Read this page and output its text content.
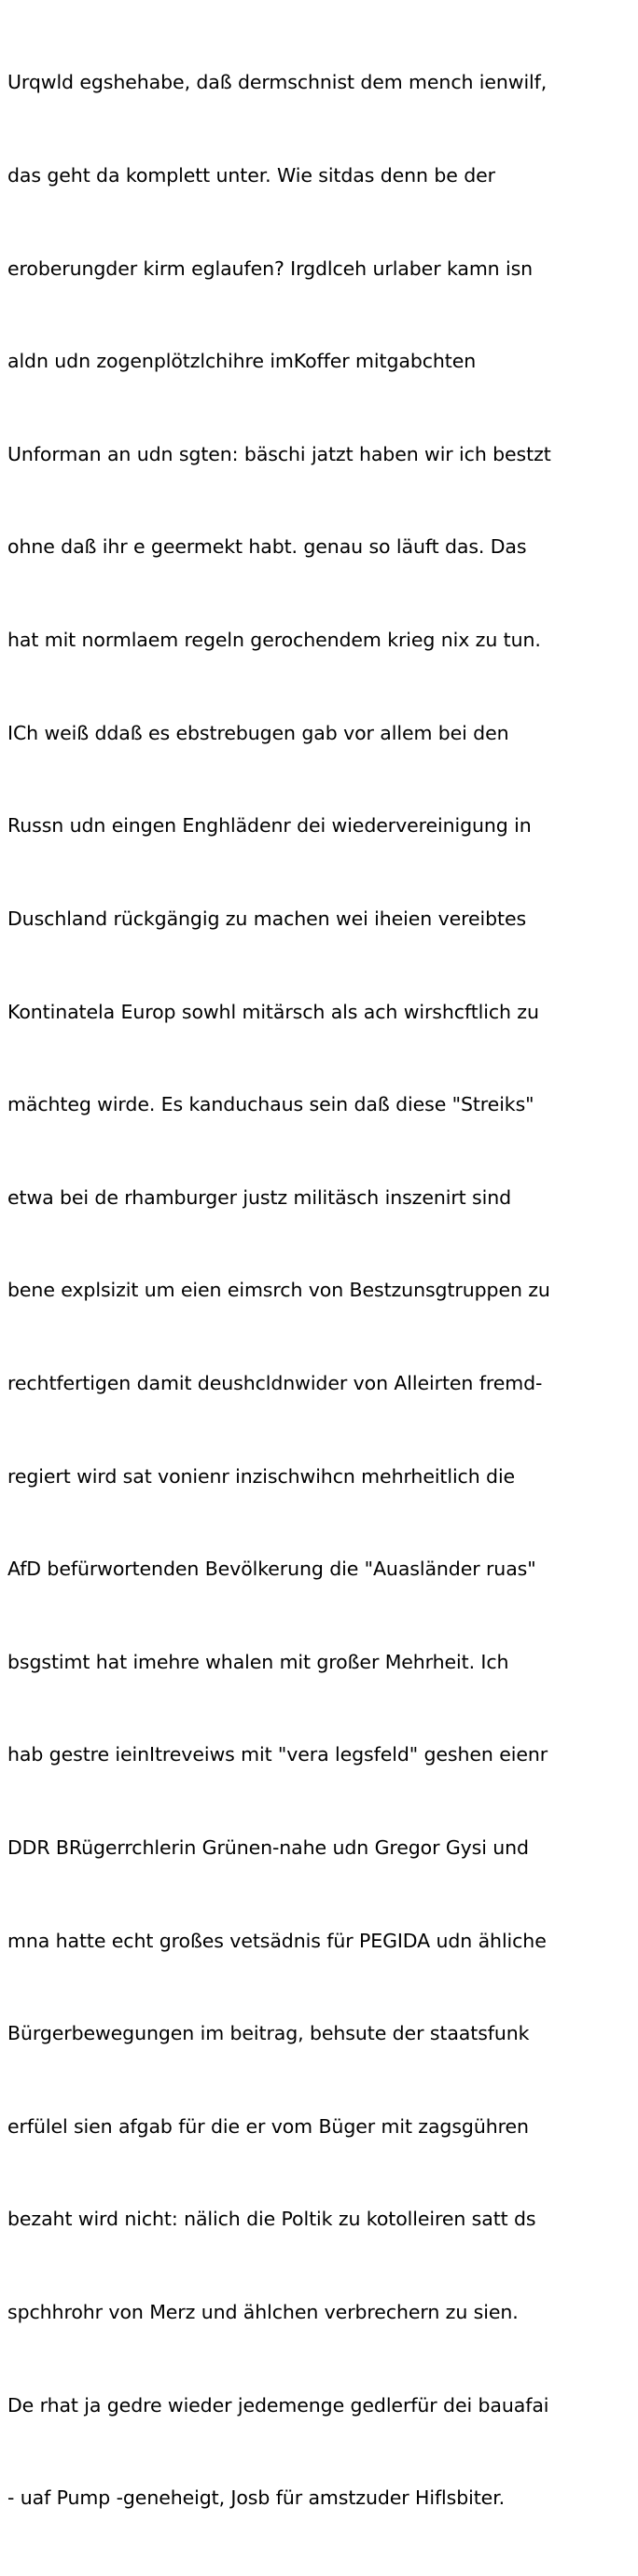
Urqwld egshehabe, daß dermschnist dem mench ienwilf,

das geht da komplett unter. Wie sitdas denn be der

eroberungder kirm eglaufen? Irgdlceh urlaber kamn isn

aldn udn zogenplötzlchihre imKoffer mitgabchten

Unforman an udn sgten: bäschi jatzt haben wir ich bestzt

ohne daß ihr e geermekt habt. genau so läuft das. Das

hat mit normlaem regeln gerochendem krieg nix zu tun.

ICh weiß ddaß es ebstrebugen gab vor allem bei den

Russn udn eingen Enghlädenr dei wiedervereinigung in

Duschland rückgängig zu machen wei iheien vereibtes

Kontinatela Europ sowhl mitärsch als ach wirshcftlich zu

mächteg wirde. Es kanduchaus sein daß diese "Streiks"

etwa bei de rhamburger justz militäsch inszenirt sind

bene explsizit um eien eimsrch von Bestzunsgtruppen zu

rechtfertigen damit deushcldnwider von Alleirten fremd-

regiert wird sat vonienr inzischwihcn mehrheitlich die

AfD befürwortenden Bevölkerung die "Auasländer ruas"

bsgstimt hat imehre whalen mit großer Mehrheit. Ich

hab gestre ieinItreveiws mit "vera legsfeld" geshen eienr

DDR BRügerrchlerin Grünen-nahe udn Gregor Gysi und

mna hatte echt großes vetsädnis für PEGIDA udn ähliche

Bürgerbewegungen im beitrag, behsute der staatsfunk

erfülel sien afgab für die er vom Büger mit zagsgühren

bezaht wird nicht: nälich die Poltik zu kotolleiren satt ds

spchhrohr von Merz und ählchen verbrechern zu sien.

De rhat ja gedre wieder jedemenge gedlerfür dei bauafai

- uaf Pump -geneheigt, Josb für amstzuder Hiflsbiter.
